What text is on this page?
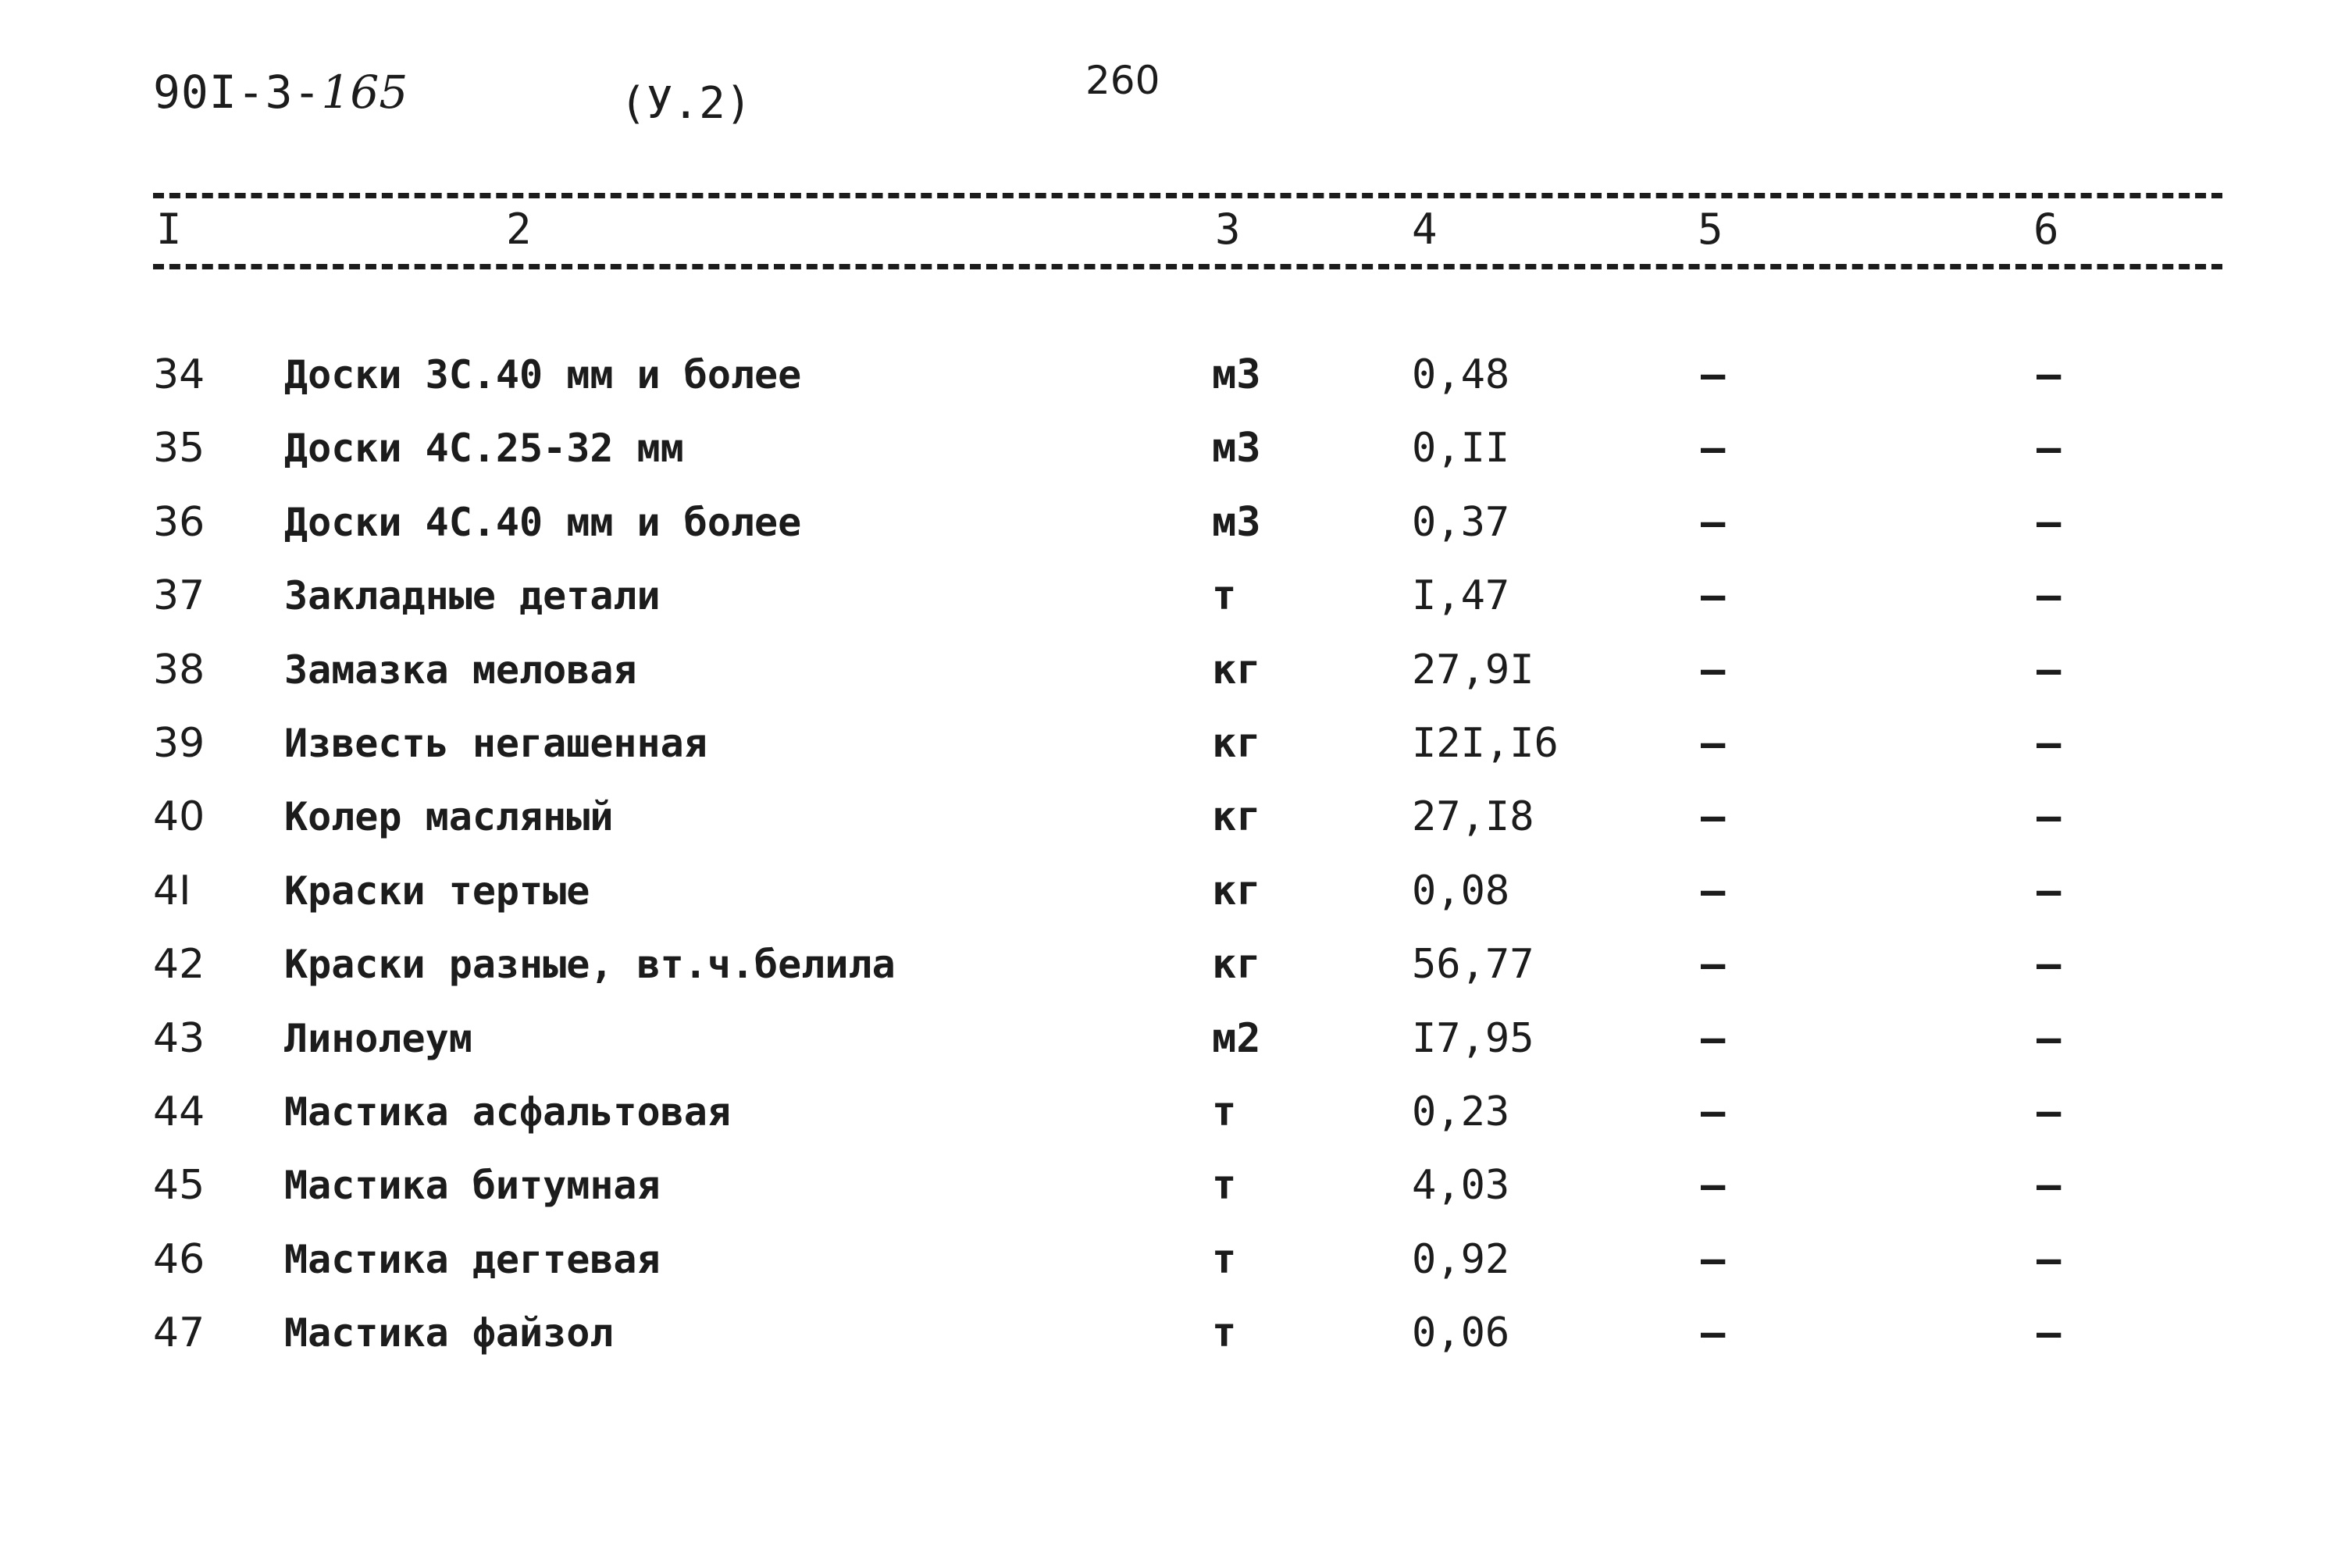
90I-3-165	(У.2)	260
I	2	3	4	5	6
34 Доски 3С.40 мм и более	м3	0,48	–	–
35 Доски 4С.25-32 мм	м3	0,II	–	–
36 Доски 4С.40 мм и более	м3	0,37	–	–
37 Закладные детали	т	I,47	–	–
38 Замазка меловая	кг	27,9I	–	–
39 Известь негашенная	кг	I2I,I6	–	–
40 Колер масляный	кг	27,I8	–	–
4I Краски тертые	кг	0,08	–	–
42 Краски разные, вт.ч.белила	кг	56,77	–	–
43 Линолеум	м2	I7,95	–	–
44 Мастика асфальтовая	т	0,23	–	–
45 Мастика битумная	т	4,03	–	–
46 Мастика дегтевая	т	0,92	–	–
47 Мастика файзол	т	0,06	–	–
